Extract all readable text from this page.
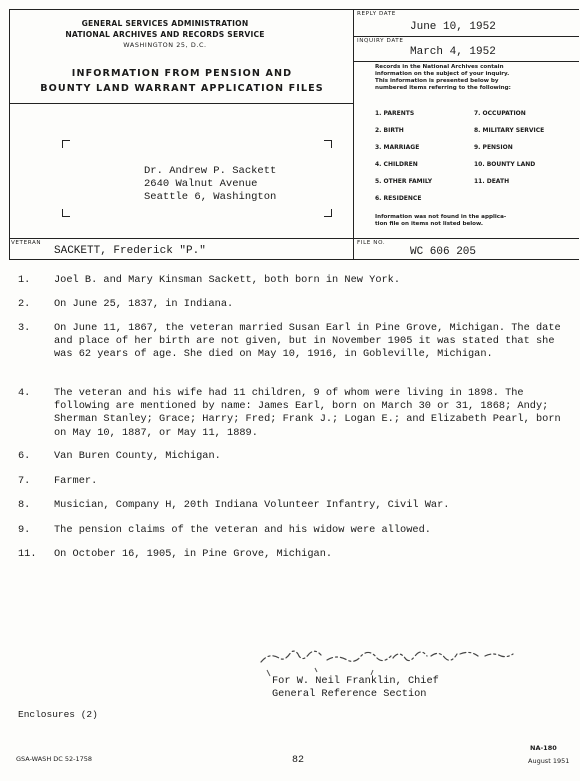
GENERAL SERVICES ADMINISTRATION
NATIONAL ARCHIVES AND RECORDS SERVICE
WASHINGTON 25, D.C.
INFORMATION FROM PENSION AND
BOUNTY LAND WARRANT APPLICATION FILES
REPLY DATE
June 10, 1952
INQUIRY DATE
March 4, 1952
Records in the National Archives contain
information on the subject of your inquiry.
This information is presented below by
numbered items referring to the following:
1. PARENTS
2. BIRTH
3. MARRIAGE
4. CHILDREN
5. OTHER FAMILY
6. RESIDENCE
7. OCCUPATION
8. MILITARY SERVICE
9. PENSION
10. BOUNTY LAND
11. DEATH
Information was not found in the applica-
tion file on items not listed below.
Dr. Andrew P. Sackett
2640 Walnut Avenue
Seattle 6, Washington
VETERAN
SACKETT, Frederick "P."
FILE NO.
WC 606 205
1.	Joel B. and Mary Kinsman Sackett, both born in New York.
2.	On June 25, 1837, in Indiana.
3.	On June 11, 1867, the veteran married Susan Earl in Pine Grove, Michigan. The date and place of her birth are not given, but in November 1905 it was stated that she was 62 years of age. She died on May 10, 1916, in Gobleville, Michigan.
4.	The veteran and his wife had 11 children, 9 of whom were living in 1898. The following are mentioned by name: James Earl, born on March 30 or 31, 1868; Andy; Sherman Stanley; Grace; Harry; Fred; Frank J.; Logan E.; and Elizabeth Pearl, born on May 10, 1887, or May 11, 1889.
6.	Van Buren County, Michigan.
7.	Farmer.
8.	Musician, Company H, 20th Indiana Volunteer Infantry, Civil War.
9.	The pension claims of the veteran and his widow were allowed.
11.	On October 16, 1905, in Pine Grove, Michigan.
For W. Neil Franklin, Chief
General Reference Section
Enclosures (2)
GSA-WASH DC 52-1758	82
NA-180
August 1951
